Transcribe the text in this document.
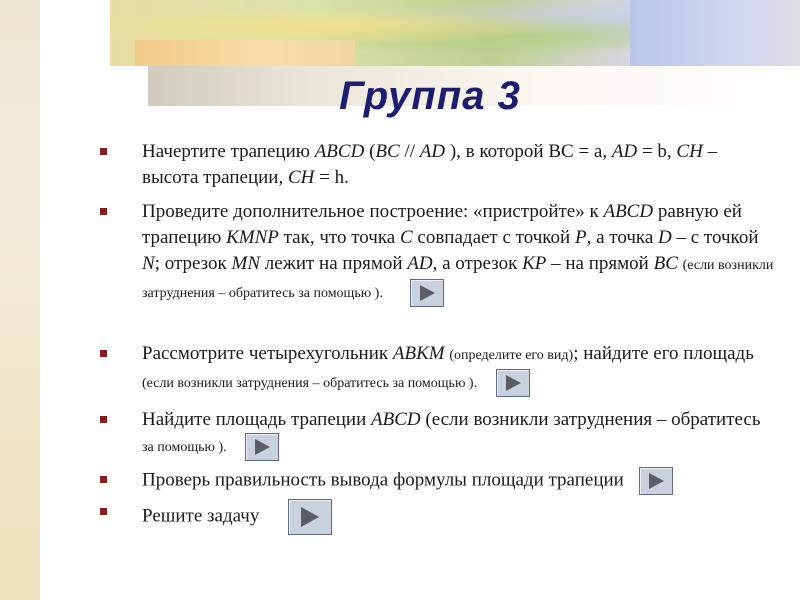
Группа 3
Начертите трапецию ABCD (BC // AD ), в которой BC = a, AD = b, CH – высота трапеции, CH = h.
Проведите дополнительное построение: «пристройте» к ABCD равную ей трапецию KMNP так, что точка C совпадает с точкой P, а точка D – с точкой N; отрезок MN лежит на прямой AD, а отрезок KP – на прямой BC (если возникли затруднения – обратитесь за помощью ).
Рассмотрите четырехугольник ABKM (определите его вид); найдите его площадь (если возникли затруднения – обратитесь за помощью ).
Найдите площадь трапеции ABCD (если возникли затруднения – обратитесь за помощью ).
Проверь правильность вывода формулы площади трапеции
Решите задачу
